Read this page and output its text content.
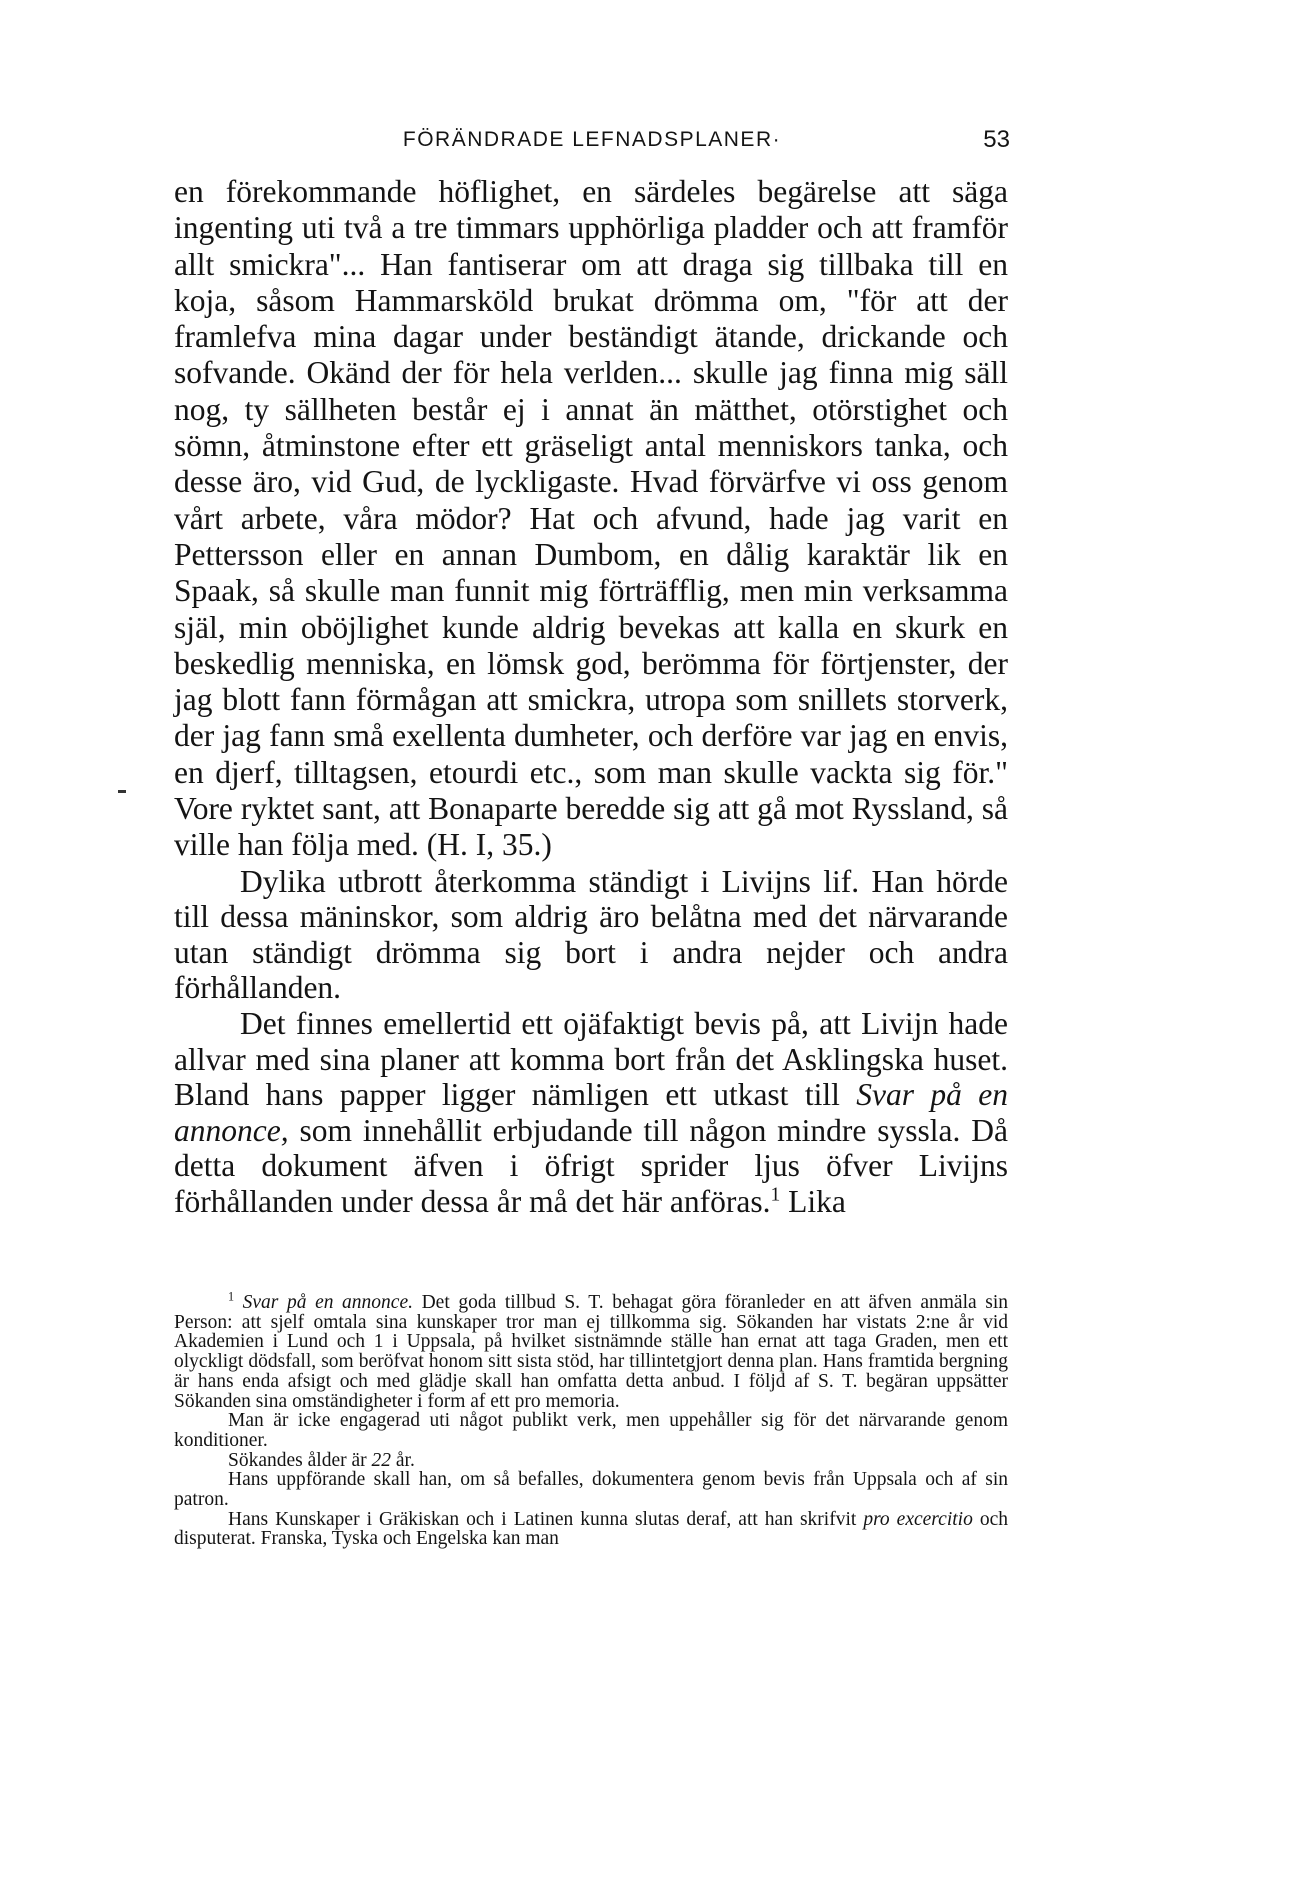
FÖRÄNDRADE LEFNADSPLANER·	53

en förekommande höflighet, en särdeles begärelse att säga ingenting uti två a tre timmars upphörliga pladder och att framför allt smickra"... Han fantiserar om att draga sig tillbaka till en koja, såsom Hammarsköld brukat drömma om, "för att der framlefva mina dagar under beständigt ätande, drickande och sofvande. Okänd der för hela verlden... skulle jag finna mig säll nog, ty sällheten består ej i annat än mätthet, otörstighet och sömn, åtminstone efter ett gräseligt antal menniskors tanka, och desse äro, vid Gud, de lyckligaste. Hvad förvärfve vi oss genom vårt arbete, våra mödor? Hat och afvund, hade jag varit en Pettersson eller en annan Dumbom, en dålig karaktär lik en Spaak, så skulle man funnit mig förträfflig, men min verksamma själ, min oböjlighet kunde aldrig bevekas att kalla en skurk en beskedlig menniska, en lömsk god, berömma för förtjenster, der jag blott fann förmågan att smickra, utropa som snillets storverk, der jag fann små exellenta dumheter, och derföre var jag en envis, en djerf, tilltagsen, etourdi etc., som man skulle vackta sig för." Vore ryktet sant, att Bonaparte beredde sig att gå mot Ryssland, så ville han följa med. (H. I, 35.)

Dylika utbrott återkomma ständigt i Livijns lif. Han hörde till dessa mäninskor, som aldrig äro belåtna med det närvarande utan ständigt drömma sig bort i andra nejder och andra förhållanden.

Det finnes emellertid ett ojäfaktigt bevis på, att Livijn hade allvar med sina planer att komma bort från det Asklingska huset. Bland hans papper ligger nämligen ett utkast till Svar på en annonce, som innehållit erbjudande till någon mindre syssla. Då detta dokument äfven i öfrigt sprider ljus öfver Livijns förhållanden under dessa år må det här anföras.$^1$ Lika

$^1$ Svar på en annonce. Det goda tillbud S. T. behagat göra föranleder en att äfven anmäla sin Person: att sjelf omtala sina kunskaper tror man ej tillkomma sig. Sökanden har vistats 2:ne år vid Akademien i Lund och 1 i Uppsala, på hvilket sistnämnde ställe han ernat att taga Graden, men ett olyckligt dödsfall, som beröfvat honom sitt sista stöd, har tillintetgjort denna plan. Hans framtida bergning är hans enda afsigt och med glädje skall han omfatta detta anbud. I följd af S. T. begäran uppsätter Sökanden sina omständigheter i form af ett pro memoria.

Man är icke engagerad uti något publikt verk, men uppehåller sig för det närvarande genom konditioner.

Sökandes ålder är 22 år.

Hans uppförande skall han, om så befalles, dokumentera genom bevis från Uppsala och af sin patron.

Hans Kunskaper i Gräkiskan och i Latinen kunna slutas deraf, att han skrifvit pro excercitio och disputerat. Franska, Tyska och Engelska kan man
